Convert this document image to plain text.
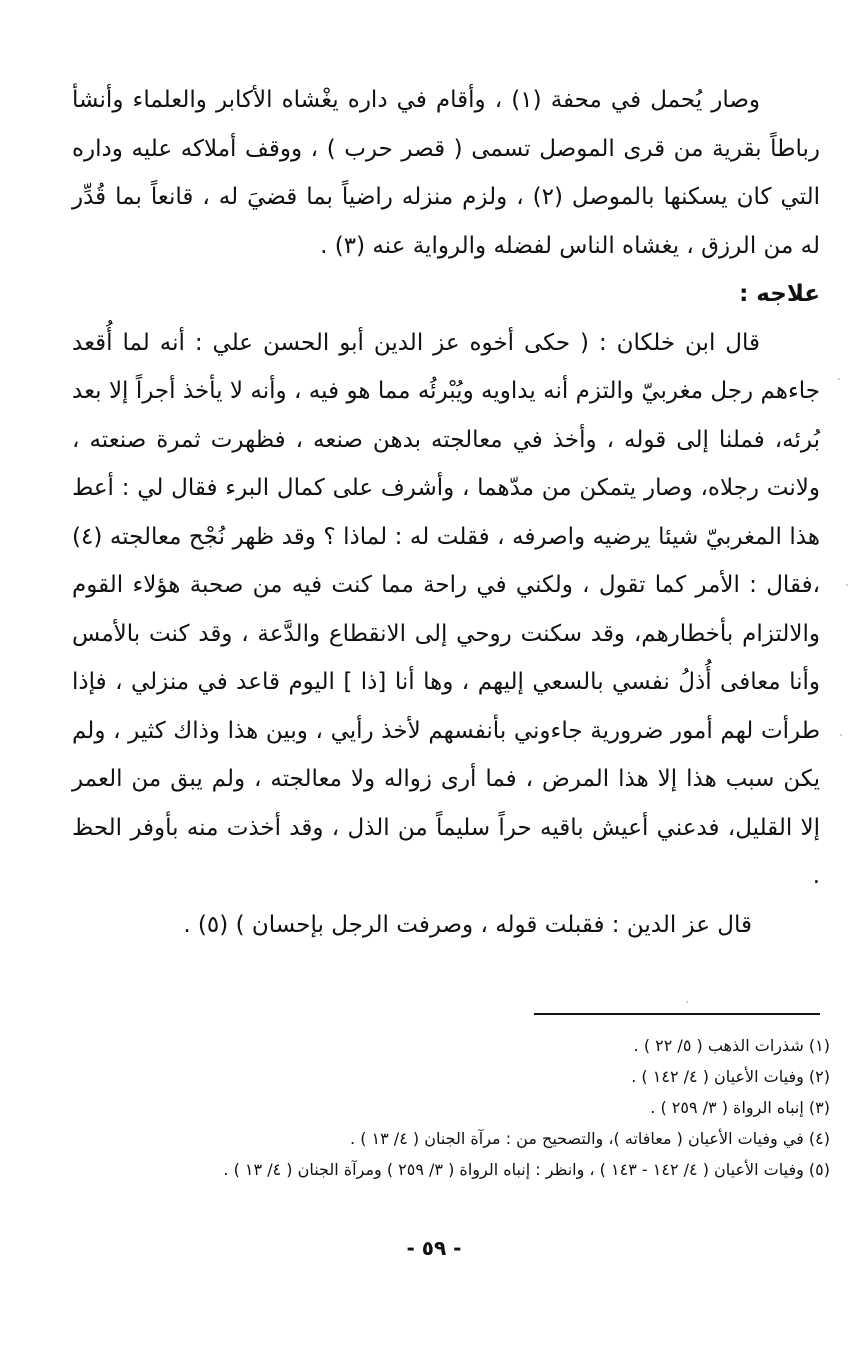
وصار يُحمل في محفة (١) ، وأقام في داره يغْشاه الأكابر والعلماء وأنشأ رباطاً بقرية من قرى الموصل تسمى ( قصر حرب ) ، ووقف أملاكه عليه وداره التي كان يسكنها بالموصل (٢) ، ولزم منزله راضياً بما قضيَ له ، قانعاً بما قُدِّر له من الرزق ، يغشاه الناس لفضله والرواية عنه (٣) .

علاجه :

قال ابن خلكان : ( حكى أخوه عز الدين أبو الحسن علي : أنه لما أُقعد جاءهم رجل مغربيّ والتزم أنه يداويه ويُبْرئُه مما هو فيه ، وأنه لا يأخذ أجراً إلا بعد بُرئه، فملنا إلى قوله ، وأخذ في معالجته بدهن صنعه ، فظهرت ثمرة صنعته ، ولانت رجلاه، وصار يتمكن من مدّهما ، وأشرف على كمال البرء فقال لي : أعط هذا المغربيّ شيئا يرضيه واصرفه ، فقلت له : لماذا ؟ وقد ظهر نُجْح معالجته (٤) ،فقال : الأمر كما تقول ، ولكني في راحة مما كنت فيه من صحبة هؤلاء القوم والالتزام بأخطارهم، وقد سكنت روحي إلى الانقطاع والدَّعة ، وقد كنت بالأمس وأنا معافى أُذلُ نفسي بالسعي إليهم ، وها أنا [ذا ] اليوم قاعد في منزلي ، فإذا طرأت لهم أمور ضرورية جاءوني بأنفسهم لأخذ رأيي ، وبين هذا وذاك كثير ، ولم يكن سبب هذا إلا هذا المرض ، فما أرى زواله ولا معالجته ، ولم يبق من العمر إلا القليل، فدعني أعيش باقيه حراً سليماً من الذل ، وقد أخذت منه بأوفر الحظ .

قال عز الدين : فقبلت قوله ، وصرفت الرجل بإحسان ) (٥) .

(١) شذرات الذهب ( ٥/ ٢٢ ) .

(٢) وفيات الأعيان ( ٤/ ١٤٢ ) .

(٣) إنباه الرواة ( ٣/ ٢٥٩ ) .

(٤) في وفيات الأعيان ( معافاته )، والتصحيح من : مرآة الجنان ( ٤/ ١٣ ) .

(٥) وفيات الأعيان ( ٤/ ١٤٢ - ١٤٣ ) ، وانظر : إنباه الرواة ( ٣/ ٢٥٩ ) ومرآة الجنان ( ٤/ ١٣ ) .

- ٥٩ -
